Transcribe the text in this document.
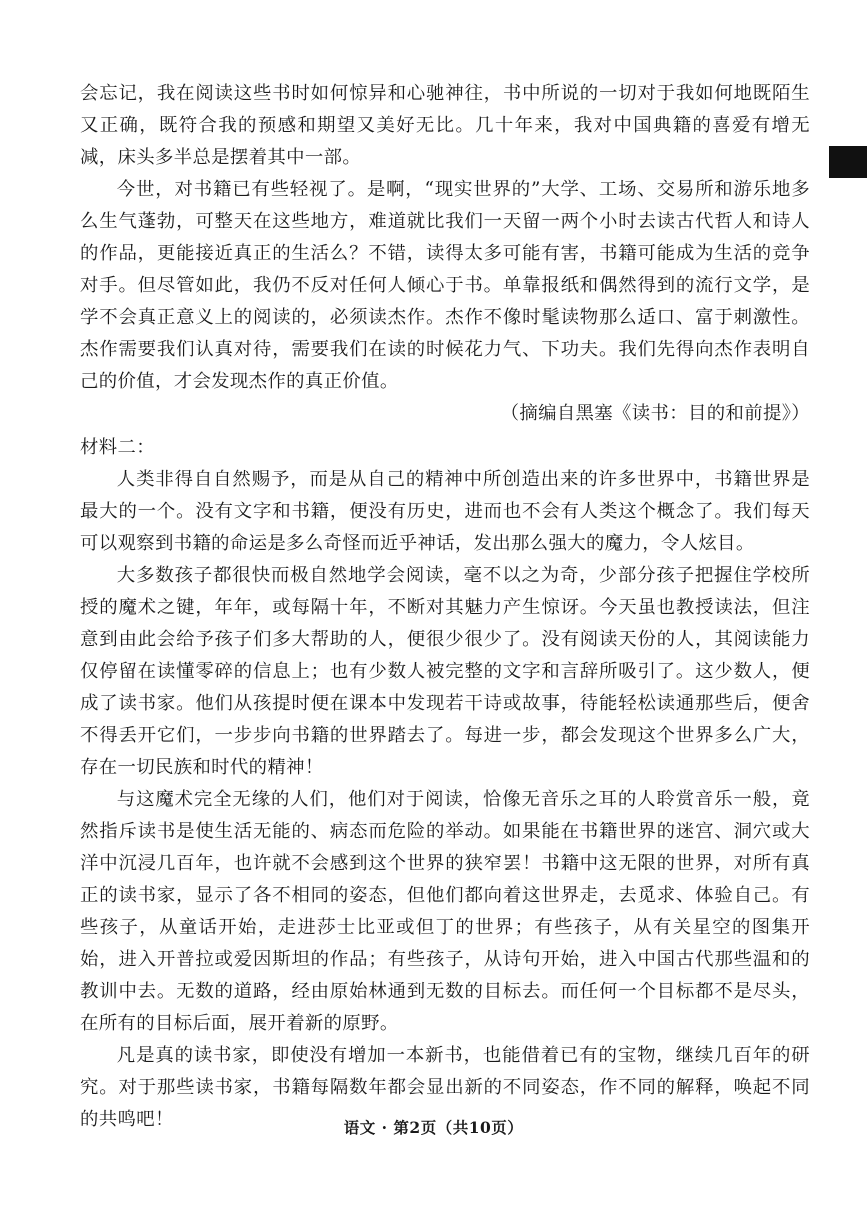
会忘记，我在阅读这些书时如何惊异和心驰神往，书中所说的一切对于我如何地既陌生又正确，既符合我的预感和期望又美好无比。几十年来，我对中国典籍的喜爱有增无减，床头多半总是摆着其中一部。

今世，对书籍已有些轻视了。是啊，“现实世界的”大学、工场、交易所和游乐地多么生气蓬勃，可整天在这些地方，难道就比我们一天留一两个小时去读古代哲人和诗人的作品，更能接近真正的生活么？不错，读得太多可能有害，书籍可能成为生活的竞争对手。但尽管如此，我仍不反对任何人倾心于书。单靠报纸和偶然得到的流行文学，是学不会真正意义上的阅读的，必须读杰作。杰作不像时髦读物那么适口、富于刺激性。杰作需要我们认真对待，需要我们在读的时候花力气、下功夫。我们先得向杰作表明自己的价值，才会发现杰作的真正价值。

（摘编自黑塞《读书：目的和前提》）

材料二：

人类非得自自然赐予，而是从自己的精神中所创造出来的许多世界中，书籍世界是最大的一个。没有文字和书籍，便没有历史，进而也不会有人类这个概念了。我们每天可以观察到书籍的命运是多么奇怪而近乎神话，发出那么强大的魔力，令人炫目。

大多数孩子都很快而极自然地学会阅读，毫不以之为奇，少部分孩子把握住学校所授的魔术之键，年年，或每隔十年，不断对其魅力产生惊讶。今天虽也教授读法，但注意到由此会给予孩子们多大帮助的人，便很少很少了。没有阅读天份的人，其阅读能力仅停留在读懂零碎的信息上；也有少数人被完整的文字和言辞所吸引了。这少数人，便成了读书家。他们从孩提时便在课本中发现若干诗或故事，待能轻松读通那些后，便舍不得丢开它们，一步步向书籍的世界踏去了。每进一步，都会发现这个世界多么广大，存在一切民族和时代的精神！

与这魔术完全无缘的人们，他们对于阅读，恰像无音乐之耳的人聆赏音乐一般，竟然指斥读书是使生活无能的、病态而危险的举动。如果能在书籍世界的迷宫、洞穴或大洋中沉浸几百年，也许就不会感到这个世界的狭窄罢！书籍中这无限的世界，对所有真正的读书家，显示了各不相同的姿态，但他们都向着这世界走，去觅求、体验自己。有些孩子，从童话开始，走进莎士比亚或但丁的世界；有些孩子，从有关星空的图集开始，进入开普拉或爱因斯坦的作品；有些孩子，从诗句开始，进入中国古代那些温和的教训中去。无数的道路，经由原始林通到无数的目标去。而任何一个目标都不是尽头，在所有的目标后面，展开着新的原野。

凡是真的读书家，即使没有增加一本新书，也能借着已有的宝物，继续几百年的研究。对于那些读书家，书籍每隔数年都会显出新的不同姿态，作不同的解释，唤起不同的共鸣吧！	语文 · 第2页（共10页）
